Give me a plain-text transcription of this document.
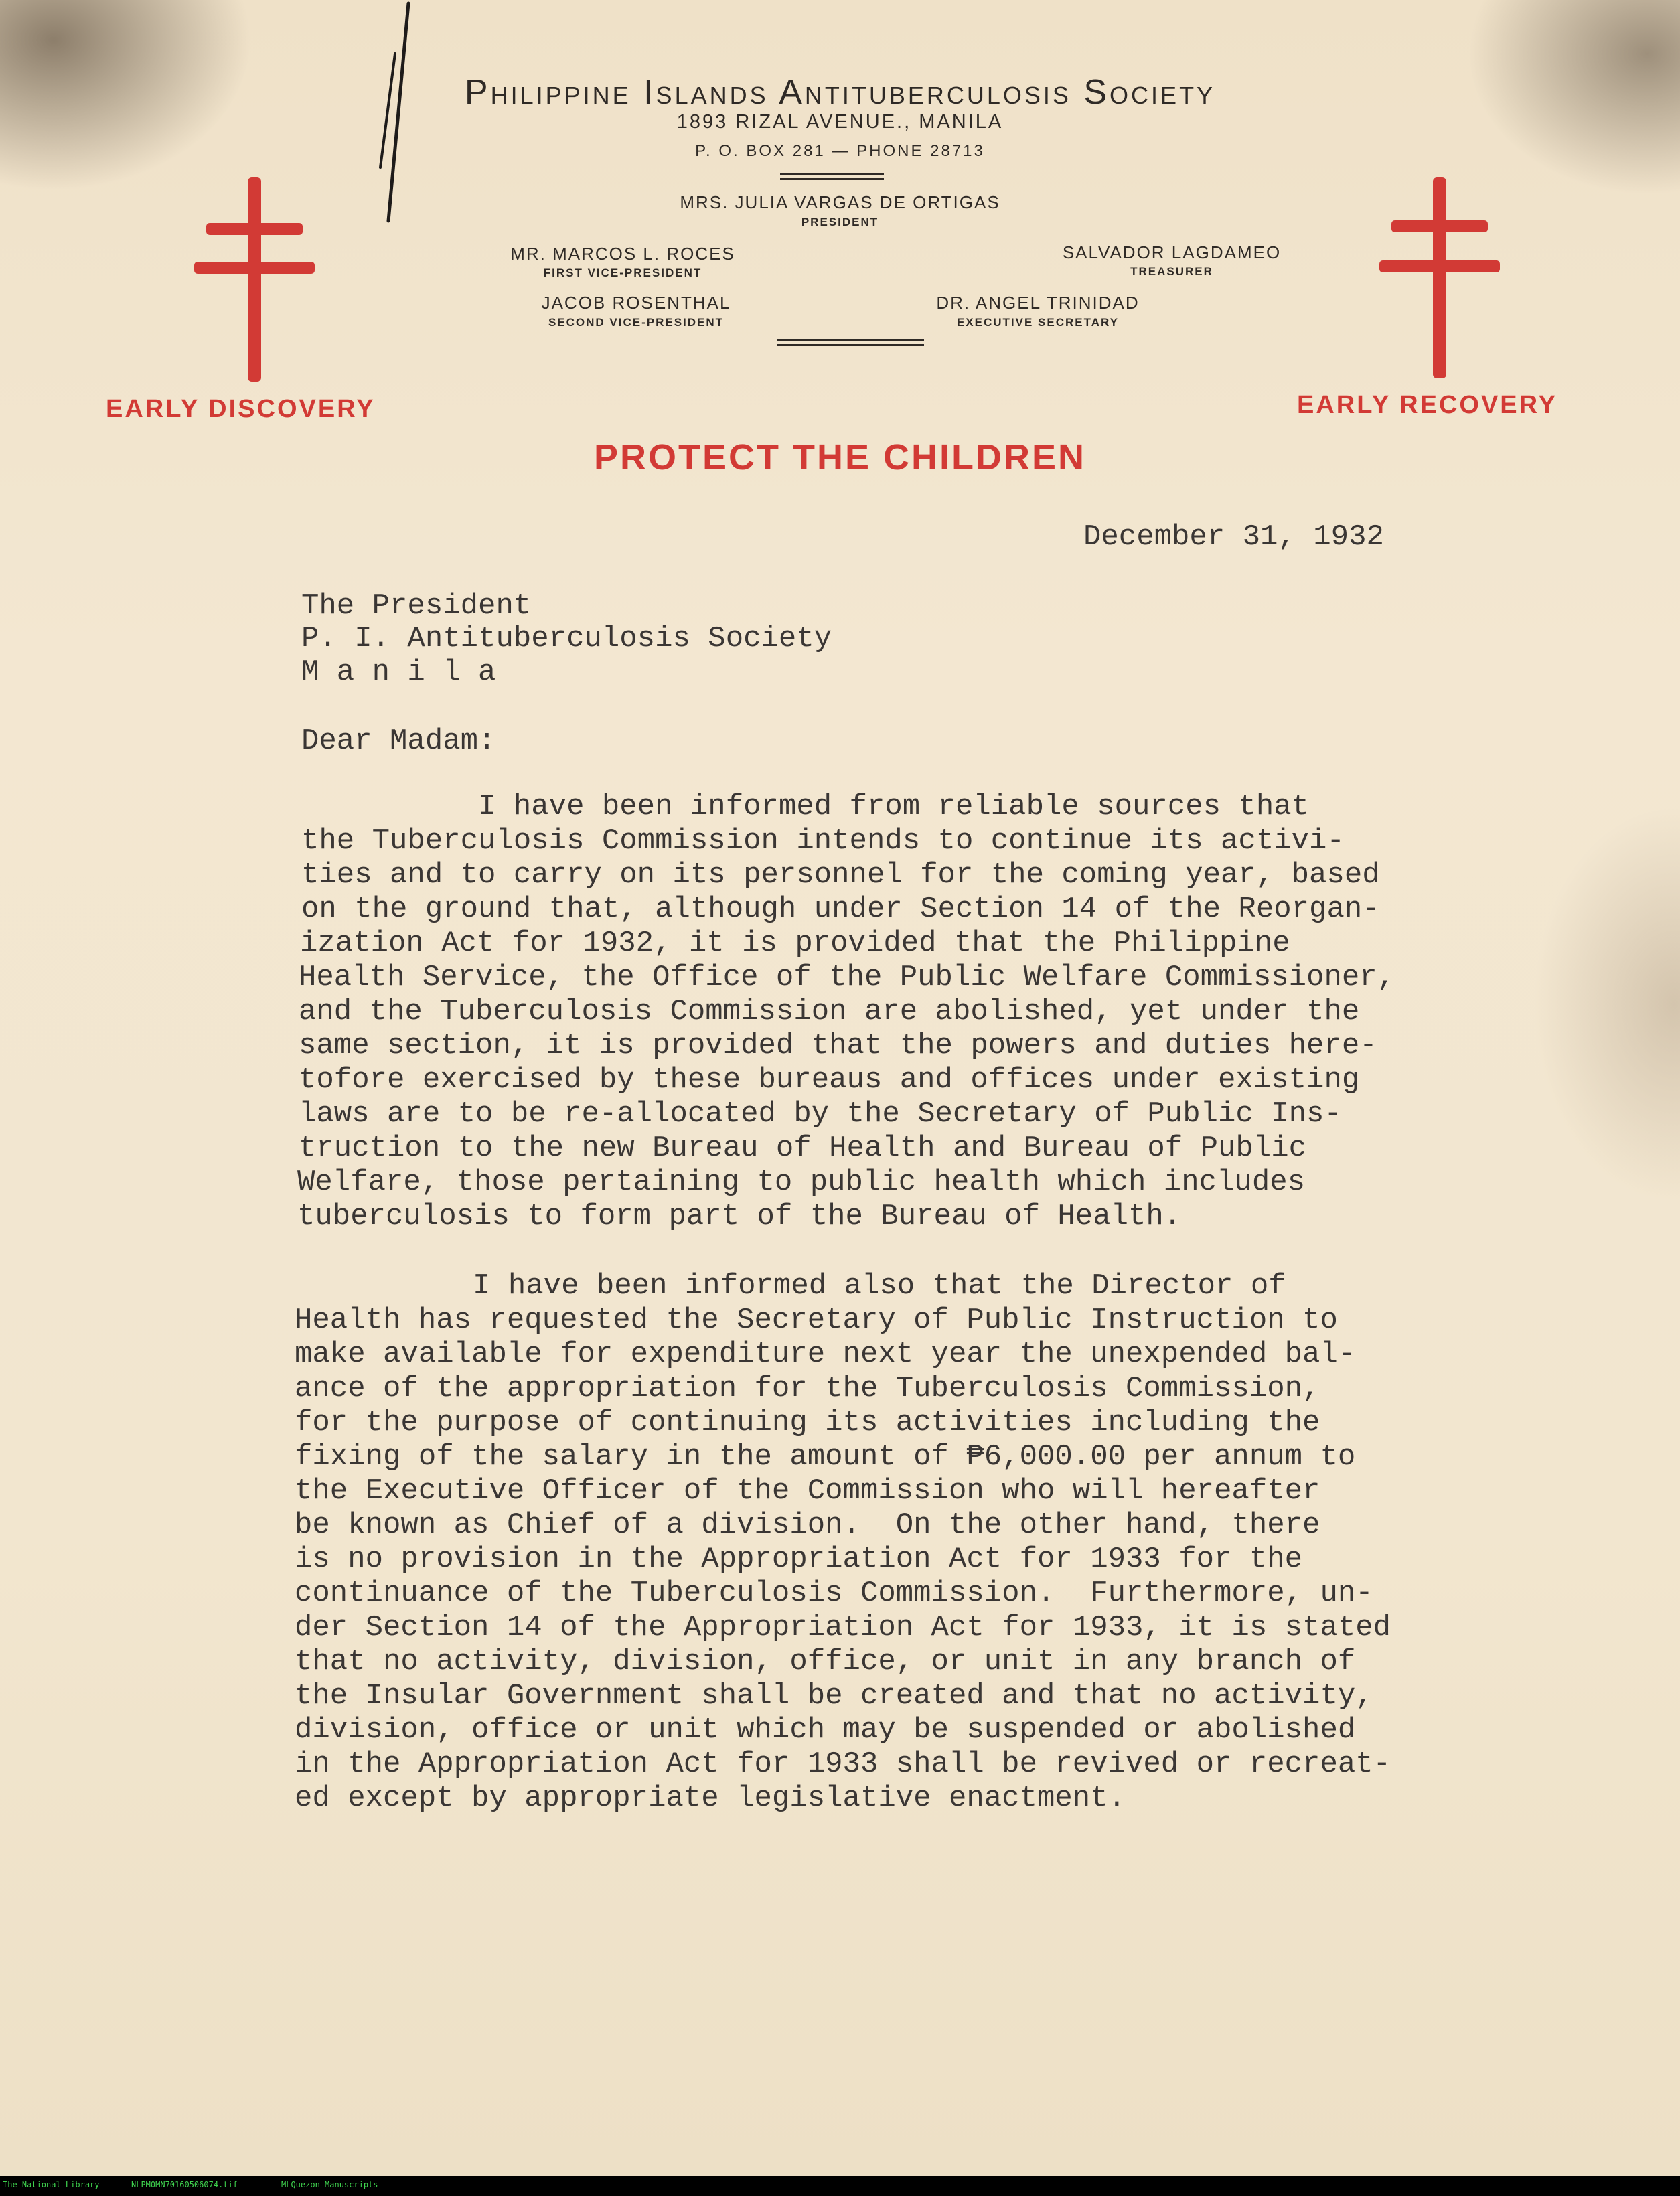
Philippine Islands Antituberculosis Society
1893 RIZAL AVENUE., MANILA
P. O. BOX 281 — PHONE 28713
MRS. JULIA VARGAS DE ORTIGAS
PRESIDENT
MR. MARCOS L. ROCES
FIRST VICE-PRESIDENT
SALVADOR LAGDAMEO
TREASURER
JACOB ROSENTHAL
SECOND VICE-PRESIDENT
DR. ANGEL TRINIDAD
EXECUTIVE SECRETARY
EARLY DISCOVERY	EARLY RECOVERY
PROTECT THE CHILDREN
December 31, 1932
The President
P. I. Antituberculosis Society
M a n i l a
Dear Madam:
I have been informed from reliable sources that
the Tuberculosis Commission intends to continue its activi-
ties and to carry on its personnel for the coming year, based
on the ground that, although under Section 14 of the Reorgan-
ization Act for 1932, it is provided that the Philippine
Health Service, the Office of the Public Welfare Commissioner,
and the Tuberculosis Commission are abolished, yet under the
same section, it is provided that the powers and duties here-
tofore exercised by these bureaus and offices under existing
laws are to be re-allocated by the Secretary of Public Ins-
truction to the new Bureau of Health and Bureau of Public
Welfare, those pertaining to public health which includes
tuberculosis to form part of the Bureau of Health.
I have been informed also that the Director of
Health has requested the Secretary of Public Instruction to
make available for expenditure next year the unexpended bal-
ance of the appropriation for the Tuberculosis Commission,
for the purpose of continuing its activities including the
fixing of the salary in the amount of ₱6,000.00 per annum to
the Executive Officer of the Commission who will hereafter
be known as Chief of a division.  On the other hand, there
is no provision in the Appropriation Act for 1933 for the
continuance of the Tuberculosis Commission.  Furthermore, un-
der Section 14 of the Appropriation Act for 1933, it is stated
that no activity, division, office, or unit in any branch of
the Insular Government shall be created and that no activity,
division, office or unit which may be suspended or abolished
in the Appropriation Act for 1933 shall be revived or recreat-
ed except by appropriate legislative enactment.
The National Library	NLPM0MN70160506074.tif	MLQuezon Manuscripts
